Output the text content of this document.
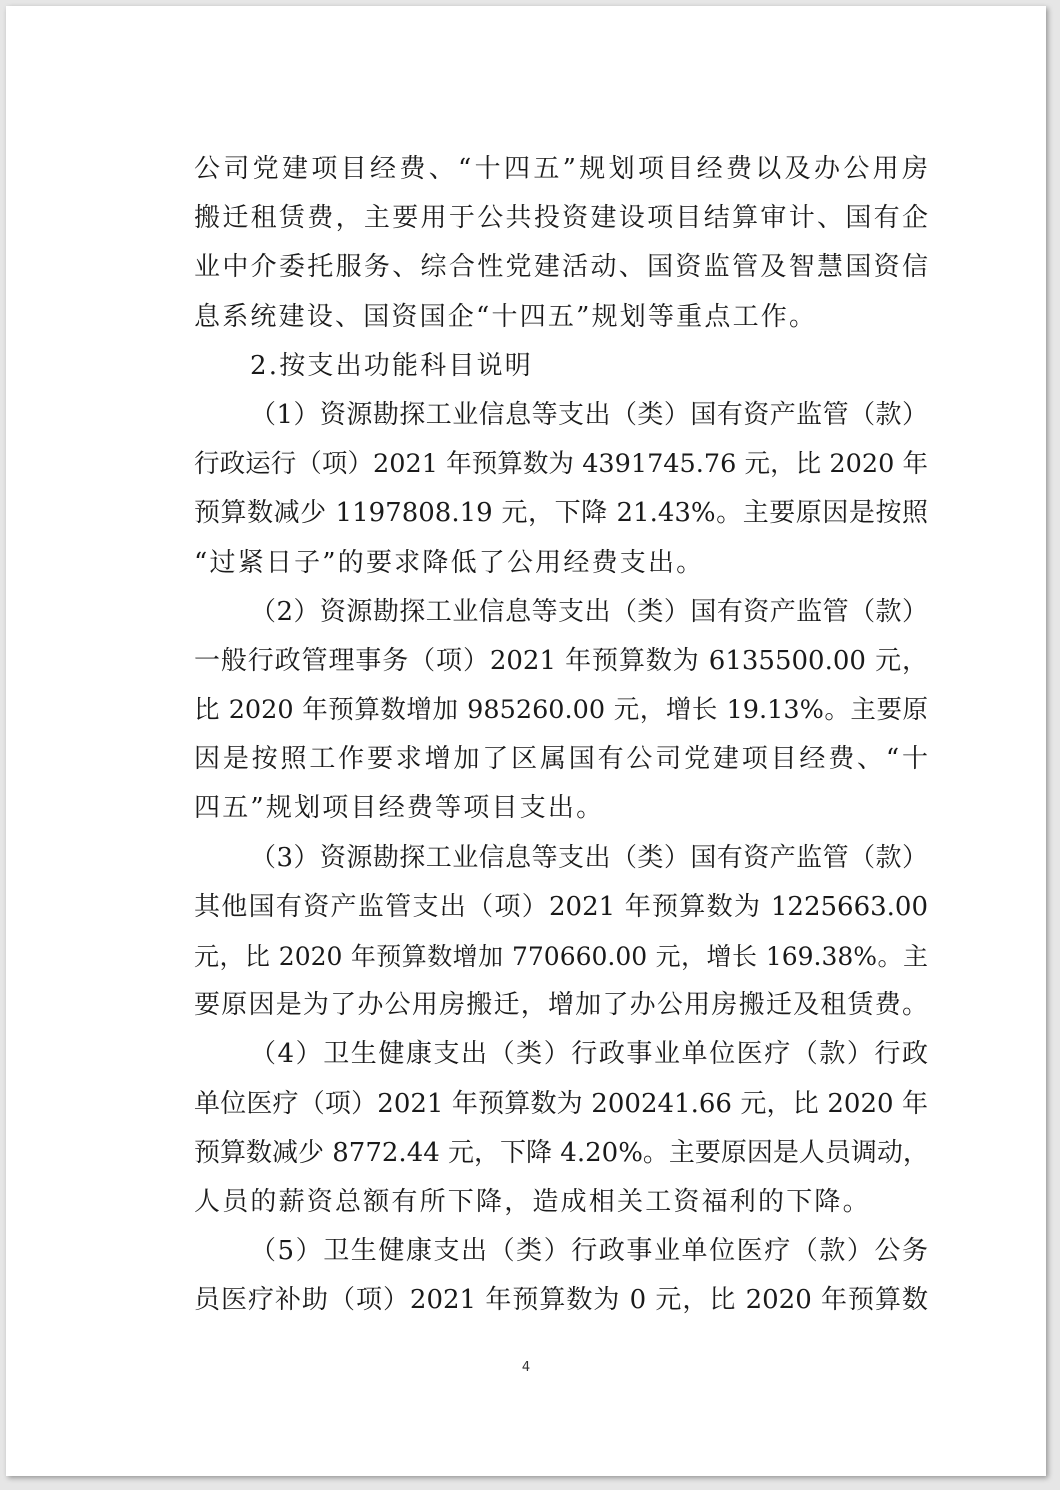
公司党建项目经费、“十四五”规划项目经费以及办公用房
搬迁租赁费，主要用于公共投资建设项目结算审计、国有企
业中介委托服务、综合性党建活动、国资监管及智慧国资信
息系统建设、国资国企“十四五”规划等重点工作。
2.按支出功能科目说明
（1）资源勘探工业信息等支出（类）国有资产监管（款）
行政运行（项）2021 年预算数为 4391745.76 元，比 2020 年
预算数减少 1197808.19 元，下降 21.43%。主要原因是按照
“过紧日子”的要求降低了公用经费支出。
（2）资源勘探工业信息等支出（类）国有资产监管（款）
一般行政管理事务（项）2021 年预算数为 6135500.00 元，
比 2020 年预算数增加 985260.00 元，增长 19.13%。主要原
因是按照工作要求增加了区属国有公司党建项目经费、“十
四五”规划项目经费等项目支出。
（3）资源勘探工业信息等支出（类）国有资产监管（款）
其他国有资产监管支出（项）2021 年预算数为 1225663.00
元，比 2020 年预算数增加 770660.00 元，增长 169.38%。主
要原因是为了办公用房搬迁，增加了办公用房搬迁及租赁费。
（4）卫生健康支出（类）行政事业单位医疗（款）行政
单位医疗（项）2021 年预算数为 200241.66 元，比 2020 年
预算数减少 8772.44 元，下降 4.20%。主要原因是人员调动，
人员的薪资总额有所下降，造成相关工资福利的下降。
（5）卫生健康支出（类）行政事业单位医疗（款）公务
员医疗补助（项）2021 年预算数为 0 元，比 2020 年预算数
4
